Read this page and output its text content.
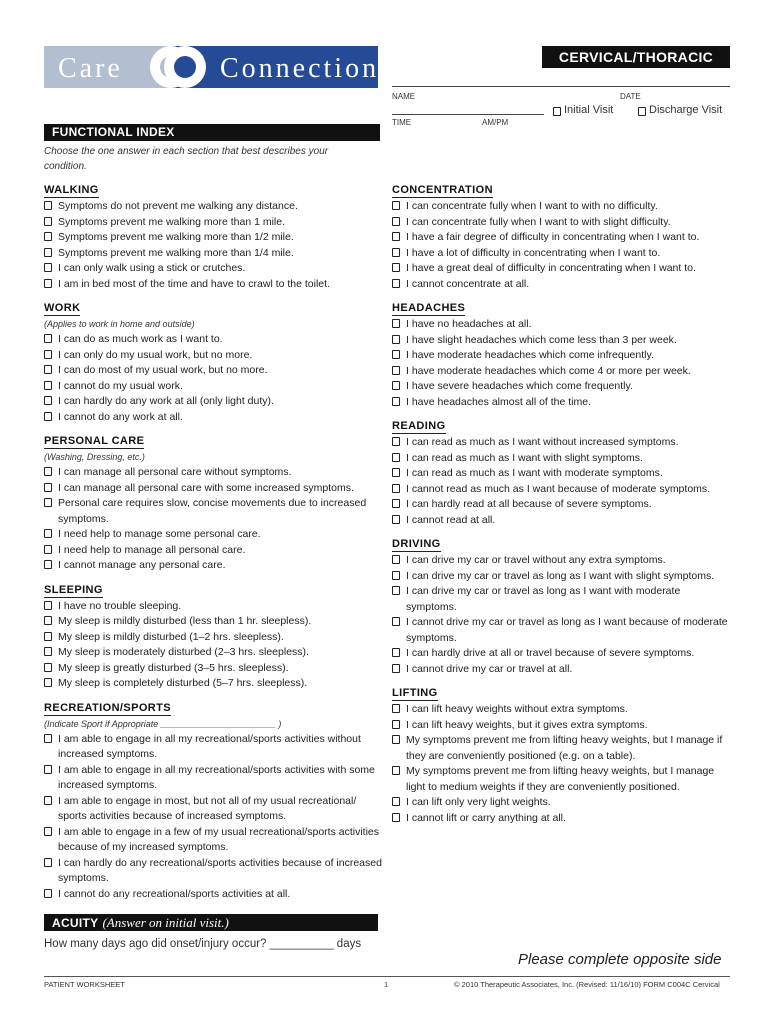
Care	Connections	CERVICAL/THORACIC
NAME	DATE
TIME	AM/PM
Initial Visit	Discharge Visit
FUNCTIONAL INDEX
Choose the one answer in each section that best describes your condition.
WALKING

Symptoms do not prevent me walking any distance.
Symptoms prevent me walking more than 1 mile.
Symptoms prevent me walking more than 1/2 mile.
Symptoms prevent me walking more than 1/4 mile.
I can only walk using a stick or crutches.
I am in bed most of the time and have to crawl to the toilet.
WORK

(Applies to work in home and outside)
I can do as much work as I want to.
I can only do my usual work, but no more.
I can do most of my usual work, but no more.
I cannot do my usual work.
I can hardly do any work at all (only light duty).
I cannot do any work at all.
PERSONAL CARE

(Washing, Dressing, etc.)
I can manage all personal care without symptoms.
I can manage all personal care with some increased symptoms.
Personal care requires slow, concise movements due to increased symptoms.
I need help to manage some personal care.
I need help to manage all personal care.
I cannot manage any personal care.
SLEEPING

I have no trouble sleeping.
My sleep is mildly disturbed (less than 1 hr. sleepless).
My sleep is mildly disturbed (1–2 hrs. sleepless).
My sleep is moderately disturbed (2–3 hrs. sleepless).
My sleep is greatly disturbed (3–5 hrs. sleepless).
My sleep is completely disturbed (5–7 hrs. sleepless).
RECREATION/SPORTS

(Indicate Sport if Appropriate _______________________ )
I am able to engage in all my recreational/sports activities without increased symptoms.
I am able to engage in all my recreational/sports activities with some increased symptoms.
I am able to engage in most, but not all of my usual recreational/ sports activities because of increased symptoms.
I am able to engage in a few of my usual recreational/sports activities because of my increased symptoms.
I can hardly do any recreational/sports activities because of increased symptoms.
I cannot do any recreational/sports activities at all.
CONCENTRATION

I can concentrate fully when I want to with no difficulty.
I can concentrate fully when I want to with slight difficulty.
I have a fair degree of difficulty in concentrating when I want to.
I have a lot of difficulty in concentrating when I want to.
I have a great deal of difficulty in concentrating when I want to.
I cannot concentrate at all.
HEADACHES

I have no headaches at all.
I have slight headaches which come less than 3 per week.
I have moderate headaches which come infrequently.
I have moderate headaches which come 4 or more per week.
I have severe headaches which come frequently.
I have headaches almost all of the time.
READING

I can read as much as I want without increased symptoms.
I can read as much as I want with slight symptoms.
I can read as much as I want with moderate symptoms.
I cannot read as much as I want because of moderate symptoms.
I can hardly read at all because of severe symptoms.
I cannot read at all.
DRIVING

I can drive my car or travel without any extra symptoms.
I can drive my car or travel as long as I want with slight symptoms.
I can drive my car or travel as long as I want with moderate symptoms.
I cannot drive my car or travel as long as I want because of moderate symptoms.
I can hardly drive at all or travel because of severe symptoms.
I cannot drive my car or travel at all.
LIFTING

I can lift heavy weights without extra symptoms.
I can lift heavy weights, but it gives extra symptoms.
My symptoms prevent me from lifting heavy weights, but I manage if they are conveniently positioned (e.g. on a table).
My symptoms prevent me from lifting heavy weights, but I manage light to medium weights if they are conveniently positioned.
I can lift only very light weights.
I cannot lift or carry anything at all.
ACUITY (Answer on initial visit.)
How many days ago did onset/injury occur? __________ days
Please complete opposite side
PATIENT WORKSHEET	1	© 2010 Therapeutic Associates, Inc. (Revised: 11/16/10) FORM C004C Cervical
